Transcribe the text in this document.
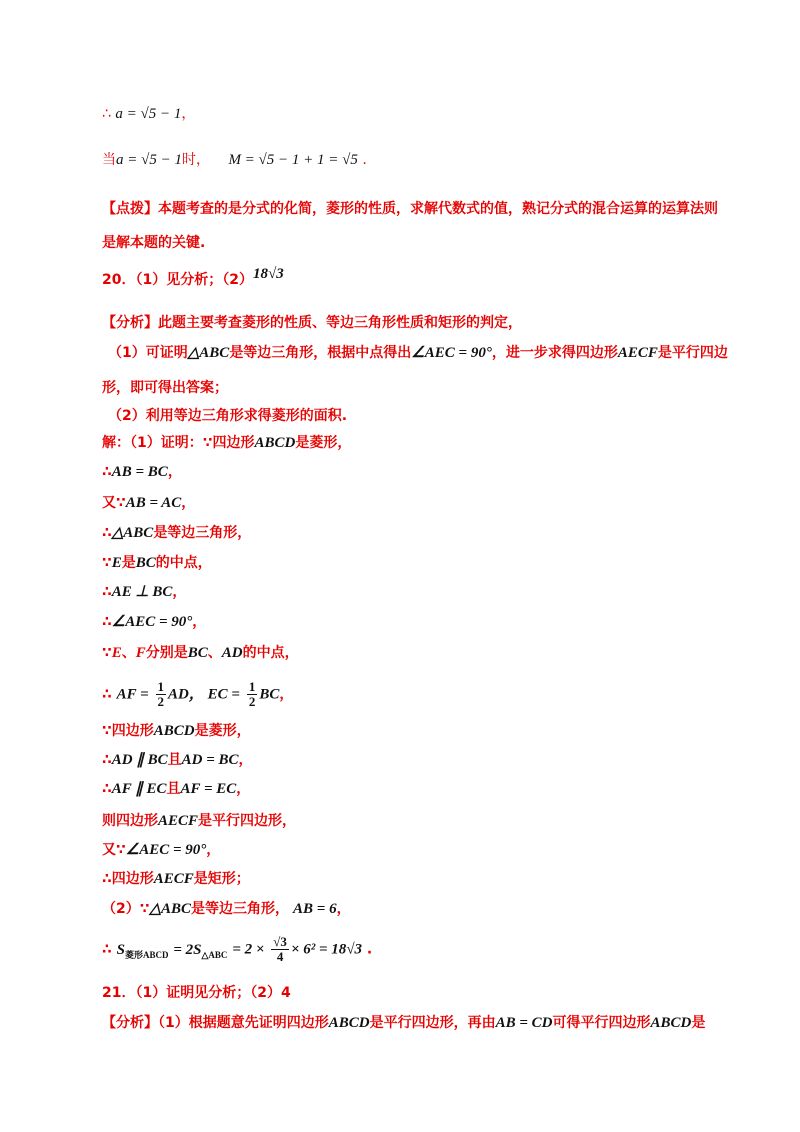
∴ a = √5 − 1，
当a = √5 − 1时， M = √5 − 1 + 1 = √5 .
【点拨】本题考查的是分式的化简，菱形的性质，求解代数式的值，熟记分式的混合运算的运算法则
是解本题的关键.
20．（1）见分析；（2）18√3
【分析】此题主要考查菱形的性质、等边三角形性质和矩形的判定，
（1）可证明△ABC是等边三角形，根据中点得出∠AEC = 90°，进一步求得四边形AECF是平行四边
形，即可得出答案；
（2）利用等边三角形求得菱形的面积.
解：（1）证明：∵四边形ABCD是菱形，
∴AB = BC，
又∵AB = AC，
∴△ABC是等边三角形，
∵E是BC的中点，
∴AE ⊥ BC，
∴∠AEC = 90°，
∵E、F分别是BC、AD的中点，
∴ AF = $\frac{1}{2}$ AD， EC = $\frac{1}{2}$ BC，
∵四边形ABCD是菱形，
∴AD ∥ BC且AD = BC，
∴AF ∥ EC且AF = EC，
则四边形AECF是平行四边形，
又∵∠AEC = 90°，
∴四边形AECF是矩形；
（2）∵△ABC是等边三角形， AB = 6，
∴ $S_{菱形ABCD} = 2S_{\triangle ABC} = 2 \times \frac{√3}{4} \times 6^2 = 18√3$ .
21．（1）证明见分析；（2）4
【分析】（1）根据题意先证明四边形ABCD是平行四边形，再由AB = CD可得平行四边形ABCD是
